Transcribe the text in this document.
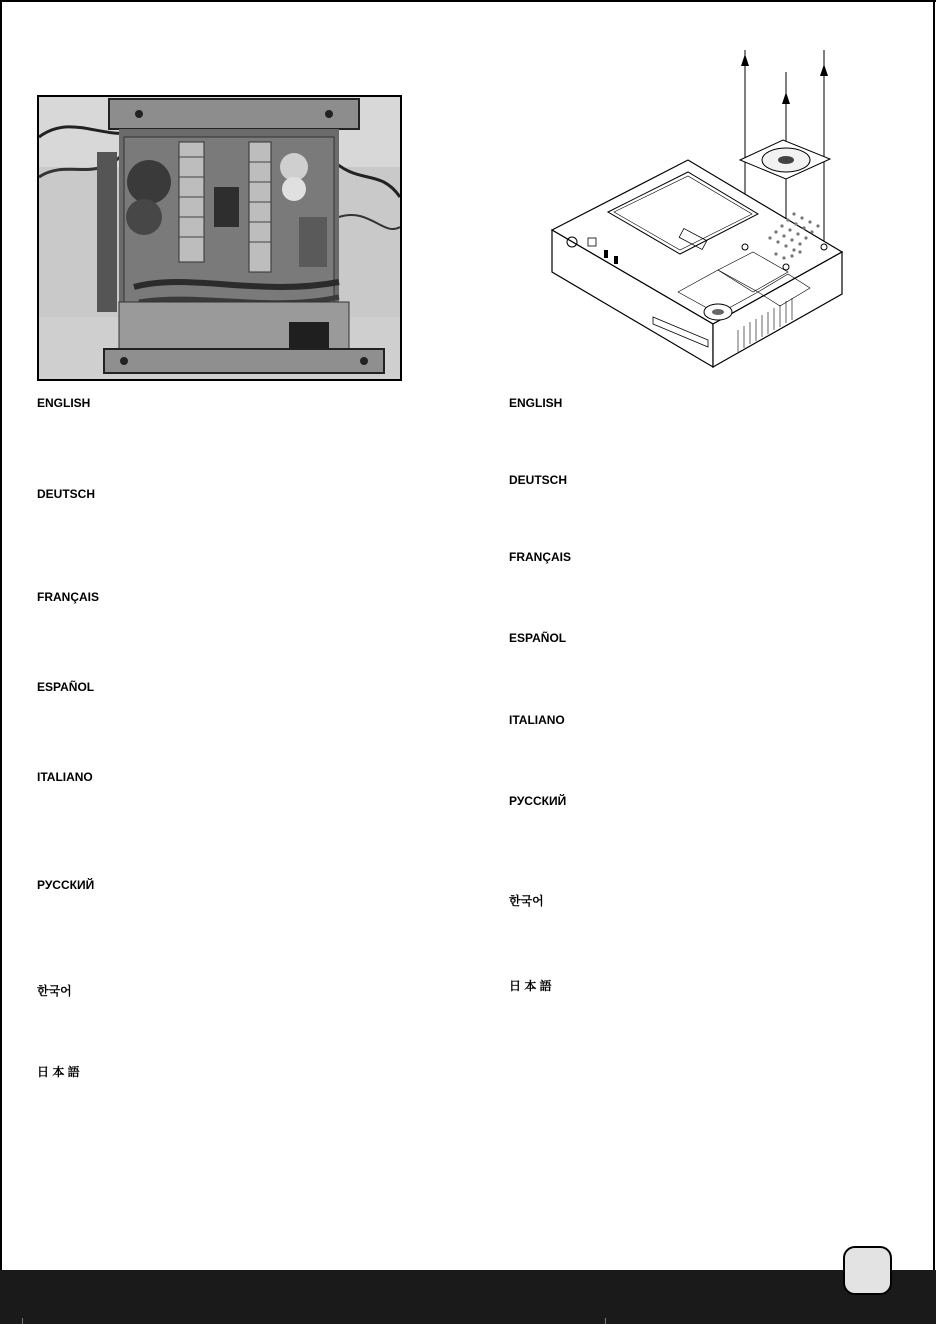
ENGLISH

DEUTSCH

FRANÇAIS

ESPAÑOL

ITALIANO

РУССКИЙ

한국어

日 本 語

ENGLISH

DEUTSCH

FRANÇAIS

ESPAÑOL

ITALIANO

РУССКИЙ

한국어

日 本 語
